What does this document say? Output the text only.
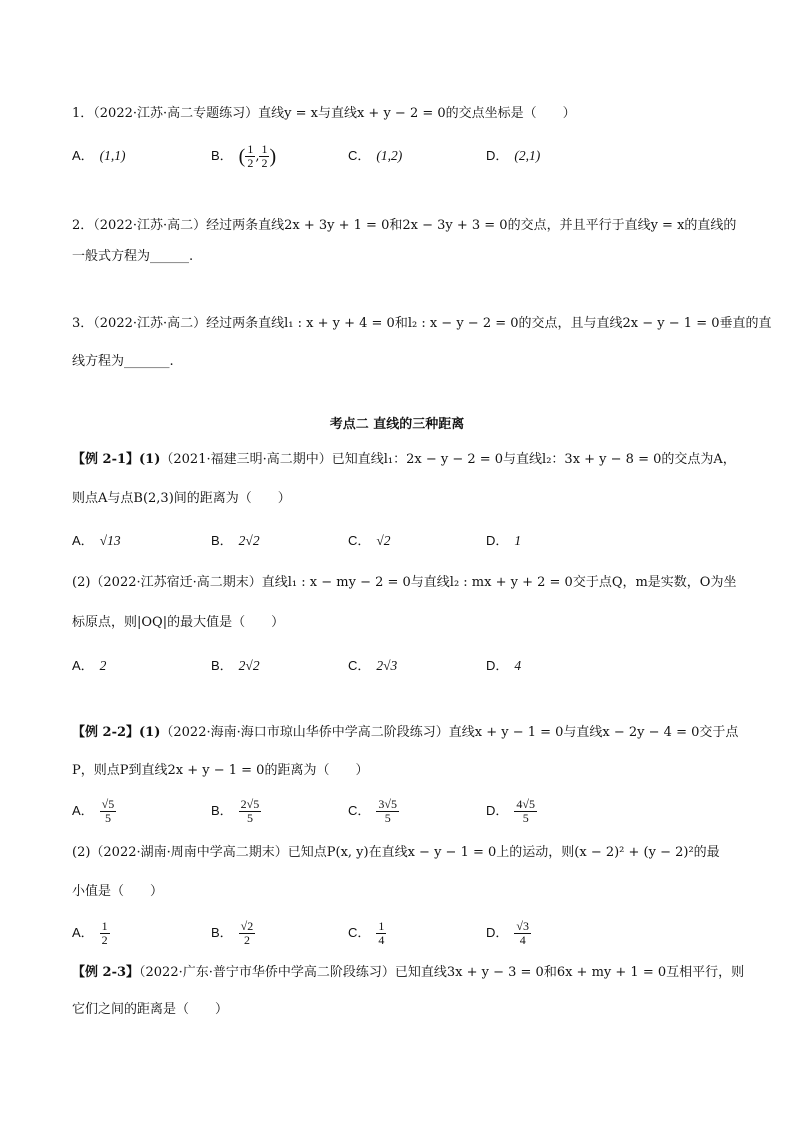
1．（2022·江苏·高二专题练习）直线y = x与直线x + y − 2 = 0的交点坐标是（　　）
A． (1,1)	B． ( $\frac{1}{2}$ , $\frac{1}{2}$ )	C． (1,2)	D． (2,1)
2．（2022·江苏·高二）经过两条直线2x + 3y + 1 = 0和2x − 3y + 3 = 0的交点，并且平行于直线y = x的直线的
一般式方程为______.
3．（2022·江苏·高二）经过两条直线l₁ : x + y + 4 = 0和l₂ : x − y − 2 = 0的交点，且与直线2x − y − 1 = 0垂直的直
线方程为_______.
考点二 直线的三种距离
【例 2-1】(1)（2021·福建三明·高二期中）已知直线l₁：2x − y − 2 = 0与直线l₂：3x + y − 8 = 0的交点为A，
则点A与点B(2,3)间的距离为（　　）
A． √13	B． 2√2	C． √2	D． 1
(2)（2022·江苏宿迁·高二期末）直线l₁ : x − my − 2 = 0与直线l₂ : mx + y + 2 = 0交于点Q，m是实数，O为坐
标原点，则|OQ|的最大值是（　　）
A． 2	B． 2√2	C． 2√3	D． 4
【例 2-2】(1)（2022·海南·海口市琼山华侨中学高二阶段练习）直线x + y − 1 = 0与直线x − 2y − 4 = 0交于点
P，则点P到直线2x + y − 1 = 0的距离为（　　）
A． $\frac{√5}{5}$	B． $\frac{2√5}{5}$	C． $\frac{3√5}{5}$	D． $\frac{4√5}{5}$
(2)（2022·湖南·周南中学高二期末）已知点P(x, y)在直线x − y − 1 = 0上的运动，则(x − 2)² + (y − 2)²的最
小值是（　　）
A． $\frac{1}{2}$	B． $\frac{√2}{2}$	C． $\frac{1}{4}$	D． $\frac{√3}{4}$
【例 2-3】（2022·广东·普宁市华侨中学高二阶段练习）已知直线3x + y − 3 = 0和6x + my + 1 = 0互相平行，则
它们之间的距离是（　　）
